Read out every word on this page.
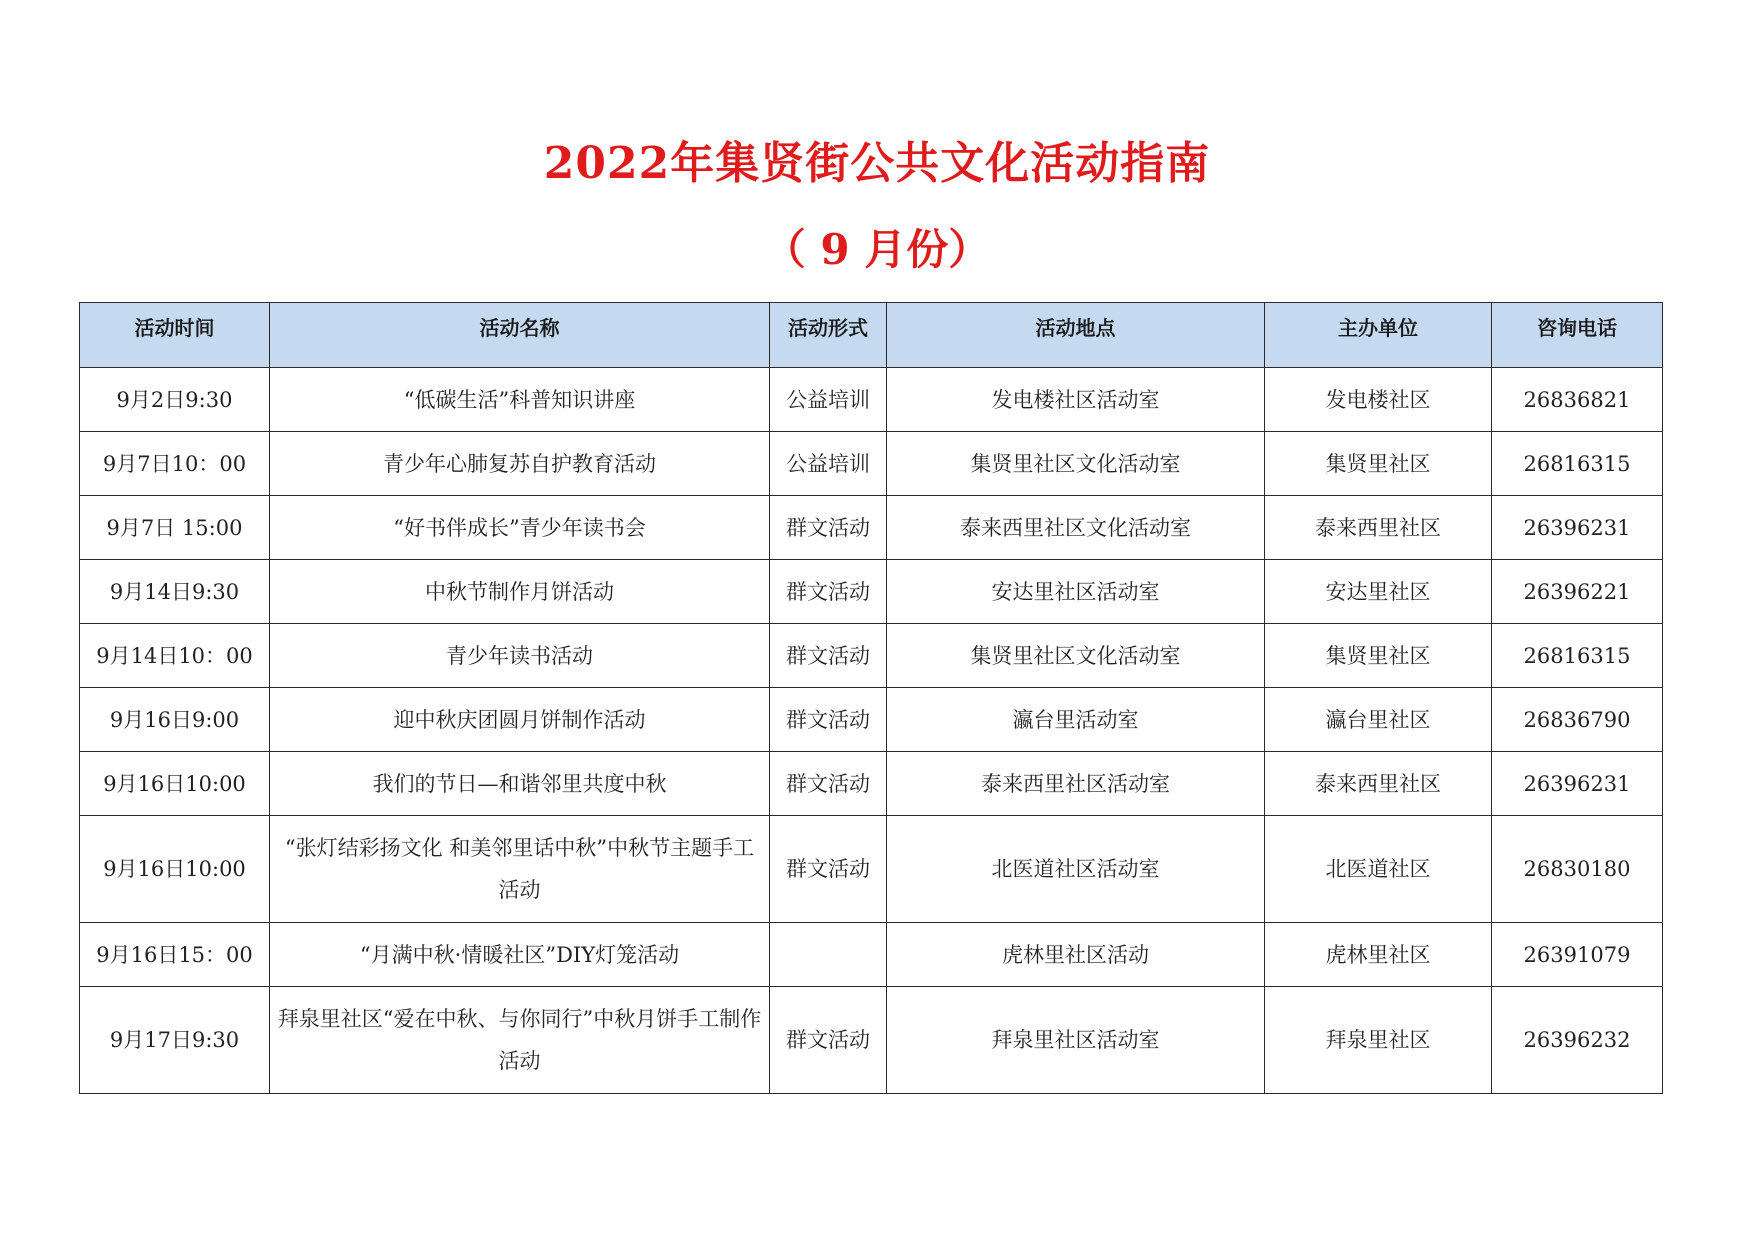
2022年集贤街公共文化活动指南
（ 9 月份）
活动时间	活动名称	活动形式	活动地点	主办单位	咨询电话
9月2日9:30	“低碳生活”科普知识讲座	公益培训	发电楼社区活动室	发电楼社区	26836821
9月7日10：00	青少年心肺复苏自护教育活动	公益培训	集贤里社区文化活动室	集贤里社区	26816315
9月7日 15:00	“好书伴成长”青少年读书会	群文活动	泰来西里社区文化活动室	泰来西里社区	26396231
9月14日9:30	中秋节制作月饼活动	群文活动	安达里社区活动室	安达里社区	26396221
9月14日10：00	青少年读书活动	群文活动	集贤里社区文化活动室	集贤里社区	26816315
9月16日9:00	迎中秋庆团圆月饼制作活动	群文活动	瀛台里活动室	瀛台里社区	26836790
9月16日10:00	我们的节日—和谐邻里共度中秋	群文活动	泰来西里社区活动室	泰来西里社区	26396231
9月16日10:00	“张灯结彩扬文化 和美邻里话中秋”中秋节主题手工活动	群文活动	北医道社区活动室	北医道社区	26830180
9月16日15：00	“月满中秋·情暖社区”DIY灯笼活动		虎林里社区活动	虎林里社区	26391079
9月17日9:30	拜泉里社区“爱在中秋、与你同行”中秋月饼手工制作活动	群文活动	拜泉里社区活动室	拜泉里社区	26396232
